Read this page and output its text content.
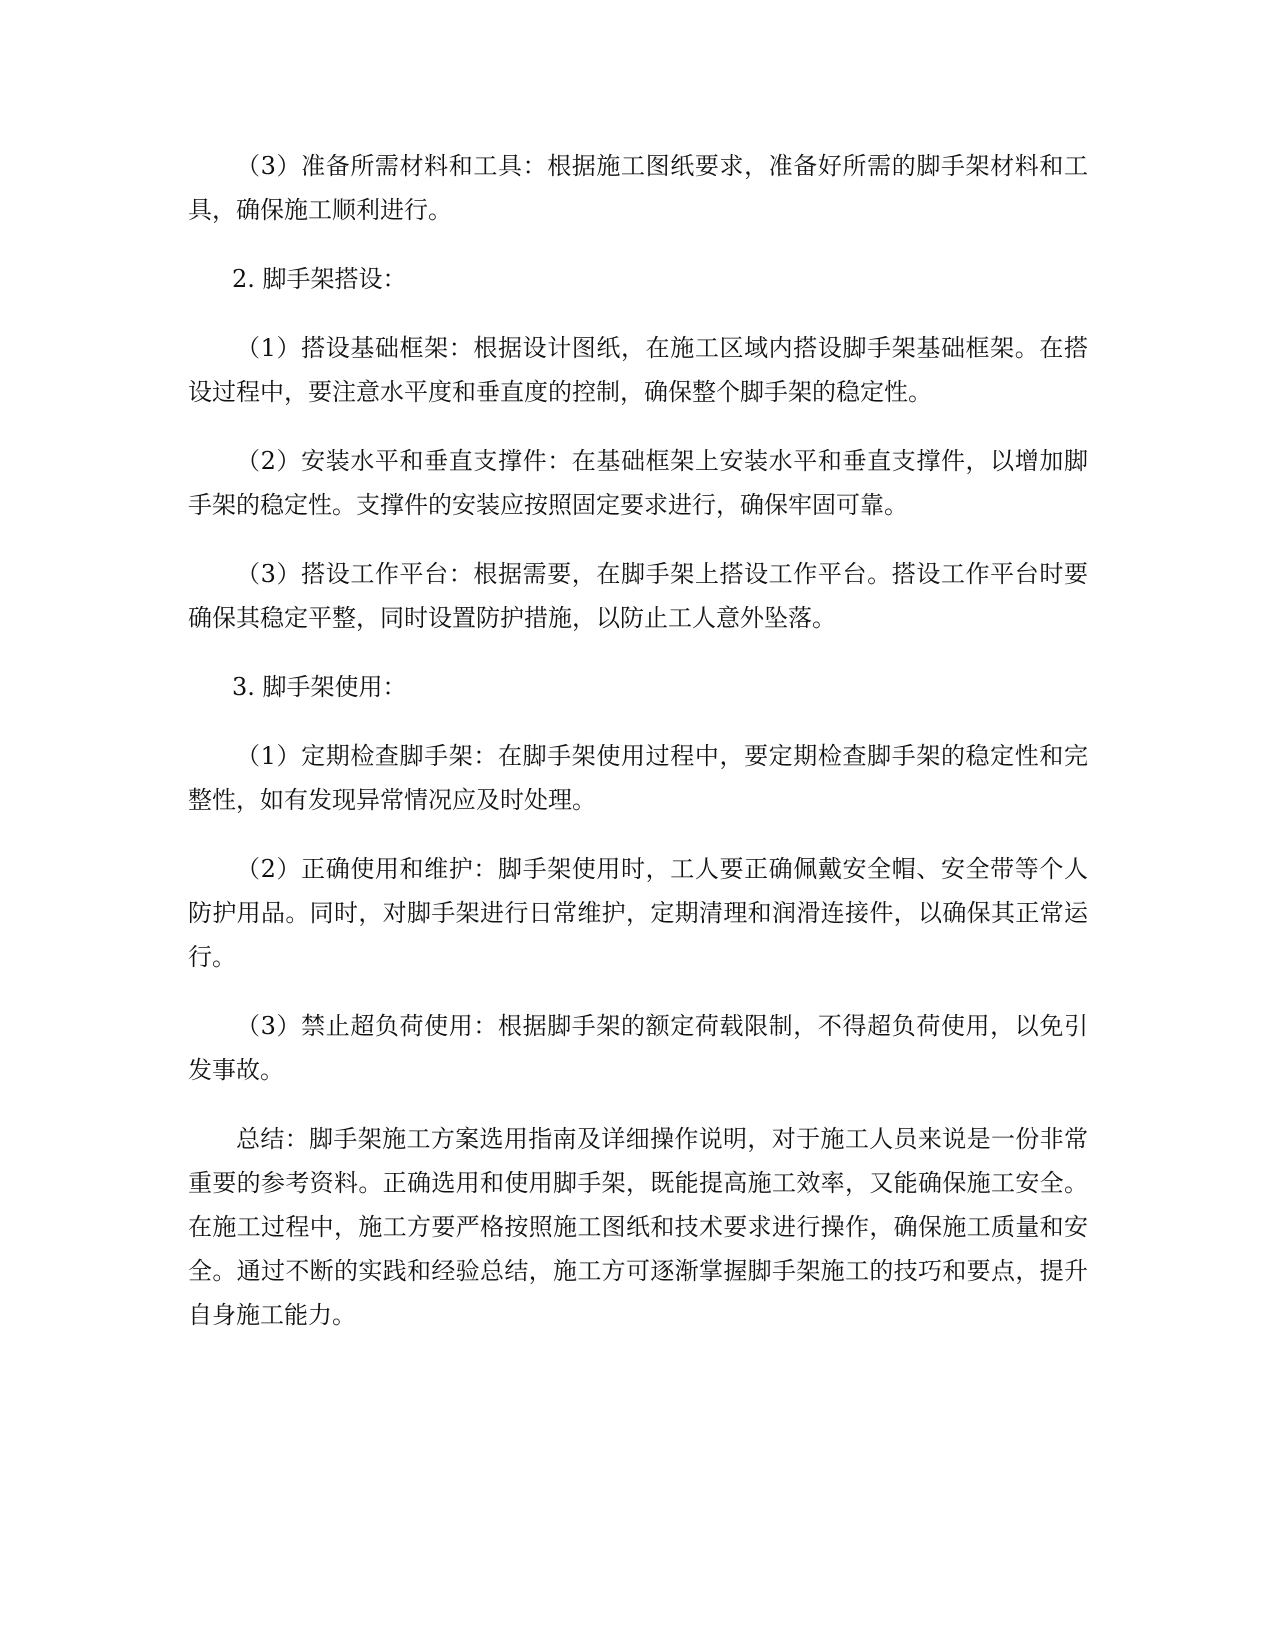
（3）准备所需材料和工具：根据施工图纸要求，准备好所需的脚手架材料和工具，确保施工顺利进行。

2. 脚手架搭设：

（1）搭设基础框架：根据设计图纸，在施工区域内搭设脚手架基础框架。在搭设过程中，要注意水平度和垂直度的控制，确保整个脚手架的稳定性。

（2）安装水平和垂直支撑件：在基础框架上安装水平和垂直支撑件，以增加脚手架的稳定性。支撑件的安装应按照固定要求进行，确保牢固可靠。

（3）搭设工作平台：根据需要，在脚手架上搭设工作平台。搭设工作平台时要确保其稳定平整，同时设置防护措施，以防止工人意外坠落。

3. 脚手架使用：

（1）定期检查脚手架：在脚手架使用过程中，要定期检查脚手架的稳定性和完整性，如有发现异常情况应及时处理。

（2）正确使用和维护：脚手架使用时，工人要正确佩戴安全帽、安全带等个人防护用品。同时，对脚手架进行日常维护，定期清理和润滑连接件，以确保其正常运行。

（3）禁止超负荷使用：根据脚手架的额定荷载限制，不得超负荷使用，以免引发事故。

总结：脚手架施工方案选用指南及详细操作说明，对于施工人员来说是一份非常重要的参考资料。正确选用和使用脚手架，既能提高施工效率，又能确保施工安全。在施工过程中，施工方要严格按照施工图纸和技术要求进行操作，确保施工质量和安全。通过不断的实践和经验总结，施工方可逐渐掌握脚手架施工的技巧和要点，提升自身施工能力。
